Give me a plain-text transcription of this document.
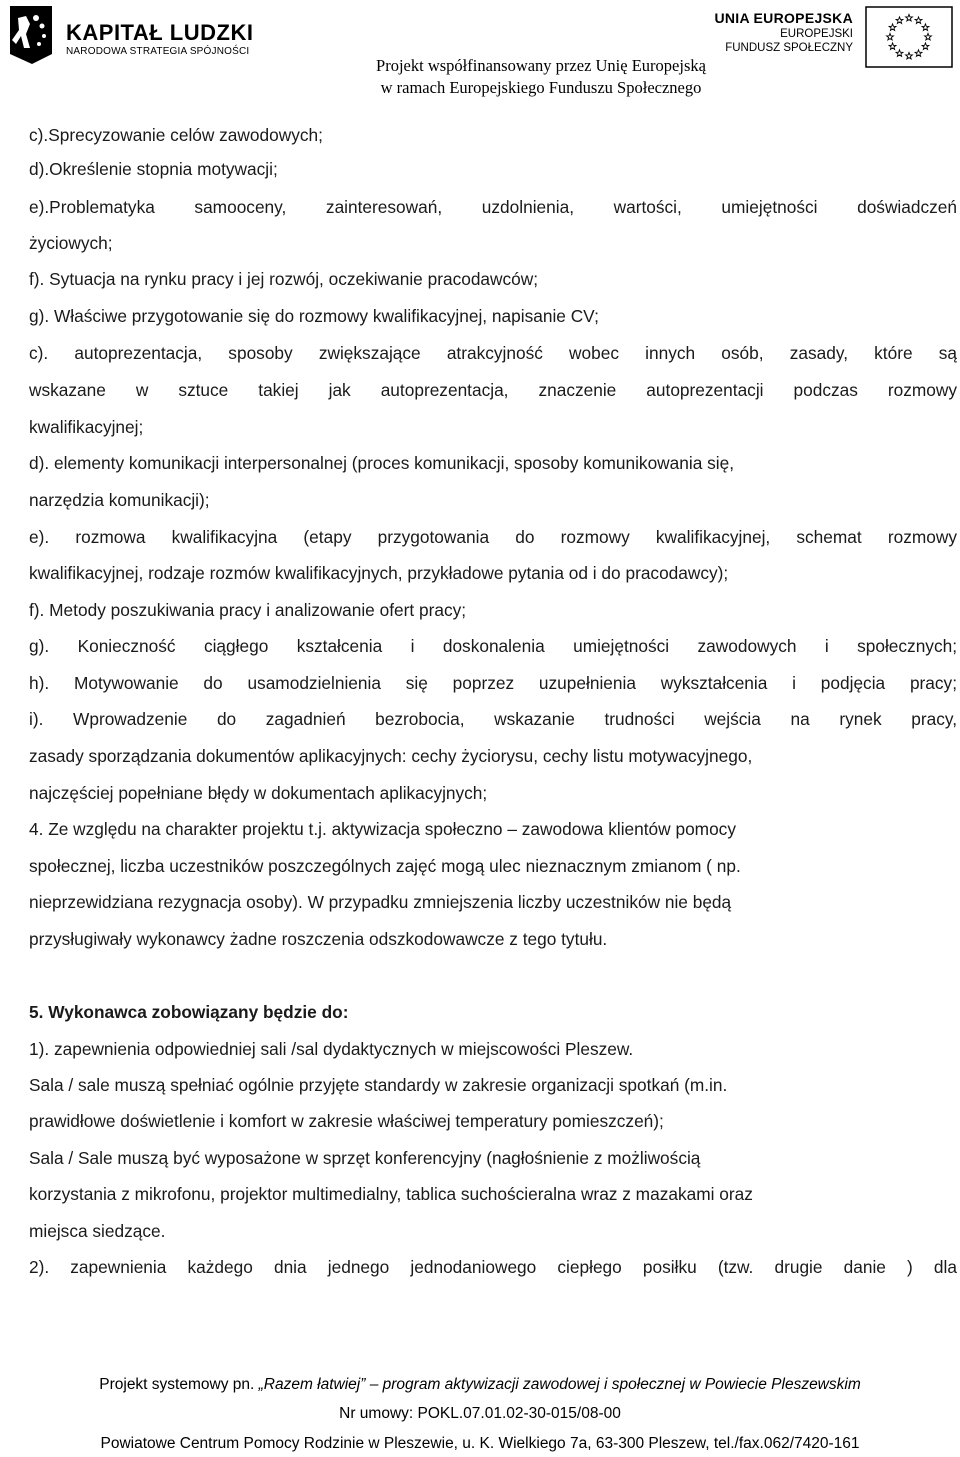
KAPITAŁ LUDZKI
NARODOWA STRATEGIA SPÓJNOŚCI
UNIA EUROPEJSKA
EUROPEJSKI
FUNDUSZ SPOŁECZNY
Projekt współfinansowany przez Unię Europejską
w ramach Europejskiego Funduszu Społecznego
c).Sprecyzowanie celów zawodowych;
d).Określenie stopnia motywacji;
e).Problematyka samooceny, zainteresowań, uzdolnienia, wartości, umiejętności doświadczeń
życiowych;
f). Sytuacja na rynku pracy i jej rozwój, oczekiwanie pracodawców;
g). Właściwe przygotowanie się do rozmowy kwalifikacyjnej, napisanie CV;
c). autoprezentacja, sposoby zwiększające atrakcyjność wobec innych osób, zasady, które są
wskazane w sztuce takiej jak autoprezentacja, znaczenie autoprezentacji podczas rozmowy
kwalifikacyjnej;
d). elementy komunikacji interpersonalnej (proces komunikacji, sposoby komunikowania się,
narzędzia komunikacji);
e). rozmowa kwalifikacyjna (etapy przygotowania do rozmowy kwalifikacyjnej, schemat rozmowy
kwalifikacyjnej, rodzaje rozmów kwalifikacyjnych, przykładowe pytania od i do pracodawcy);
f). Metody poszukiwania pracy i analizowanie ofert pracy;
g). Konieczność ciągłego kształcenia i doskonalenia umiejętności zawodowych i społecznych;
h). Motywowanie do usamodzielnienia się poprzez uzupełnienia wykształcenia i podjęcia pracy;
i). Wprowadzenie do zagadnień bezrobocia, wskazanie trudności wejścia na rynek pracy,
zasady sporządzania dokumentów aplikacyjnych: cechy życiorysu, cechy listu motywacyjnego,
najczęściej popełniane błędy w dokumentach aplikacyjnych;
4. Ze względu na charakter projektu t.j. aktywizacja społeczno – zawodowa klientów pomocy
społecznej, liczba uczestników poszczególnych zajęć mogą ulec nieznacznym zmianom ( np.
nieprzewidziana rezygnacja osoby). W przypadku zmniejszenia liczby uczestników nie będą
przysługiwały wykonawcy żadne roszczenia odszkodowawcze z tego tytułu.
5. Wykonawca zobowiązany będzie do:
1). zapewnienia odpowiedniej sali /sal dydaktycznych w miejscowości Pleszew.
Sala / sale muszą spełniać ogólnie przyjęte standardy w zakresie organizacji spotkań (m.in.
prawidłowe doświetlenie i komfort w zakresie właściwej temperatury pomieszczeń);
Sala / Sale muszą być wyposażone w sprzęt konferencyjny (nagłośnienie z możliwością
korzystania z mikrofonu, projektor multimedialny, tablica suchościeralna wraz z mazakami oraz
miejsca siedzące.
2). zapewnienia każdego dnia jednego jednodaniowego ciepłego posiłku (tzw. drugie danie ) dla
Projekt systemowy pn. „Razem łatwiej” – program aktywizacji zawodowej i społecznej w Powiecie Pleszewskim
Nr umowy: POKL.07.01.02-30-015/08-00
Powiatowe Centrum Pomocy Rodzinie w Pleszewie, u. K. Wielkiego 7a, 63-300 Pleszew, tel./fax.062/7420-161
